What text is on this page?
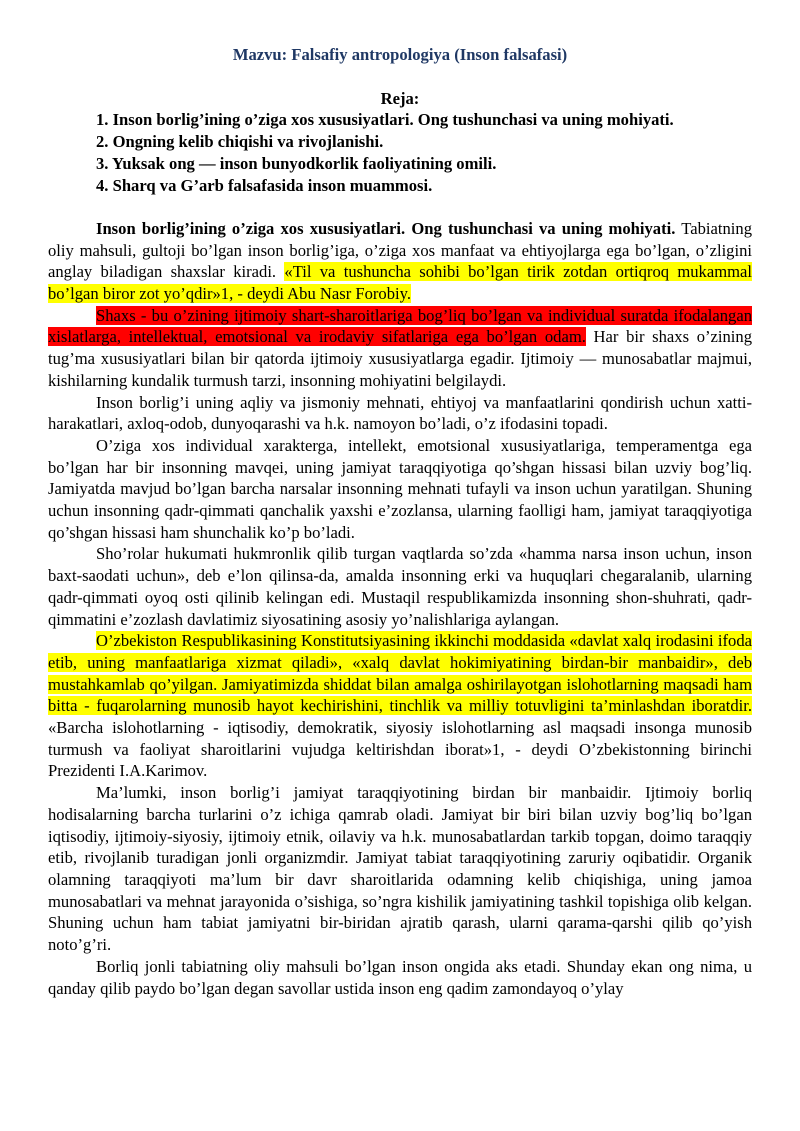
Mazvu: Falsafiy antropologiya (Inson falsafasi)
Reja:
1. Inson borlig’ining o’ziga xos xususiyatlari. Ong tushunchasi va uning mohiyati.
2. Ongning kelib chiqishi va rivojlanishi.
3. Yuksak ong — inson bunyodkorlik faoliyatining omili.
4. Sharq va G’arb falsafasida inson muammosi.

Inson borlig’ining o’ziga xos xususiyatlari. Ong tushunchasi va uning mohiyati. Tabiatning oliy mahsuli, gultoji bo’lgan inson borlig’iga, o’ziga xos manfaat va ehtiyojlarga ega bo’lgan, o’zligini anglay biladigan shaxslar kiradi. «Til va tushuncha sohibi bo’lgan tirik zotdan ortiqroq mukammal bo’lgan biror zot yo’qdir»1, - deydi Abu Nasr Forobiy.

Shaxs - bu o’zining ijtimoiy shart-sharoitlariga bog’liq bo’lgan va individual suratda ifodalangan xislatlarga, intellektual, emotsional va irodaviy sifatlariga ega bo’lgan odam. Har bir shaxs o’zining tug’ma xususiyatlari bilan bir qatorda ijtimoiy xususiyatlarga egadir. Ijtimoiy — munosabatlar majmui, kishilarning kundalik turmush tarzi, insonning mohiyatini belgilaydi.

Inson borlig’i uning aqliy va jismoniy mehnati, ehtiyoj va manfaatlarini qondirish uchun xatti-harakatlari, axloq-odob, dunyoqarashi va h.k. namoyon bo’ladi, o’z ifodasini topadi.

O’ziga xos individual xarakterga, intellekt, emotsional xususiyatlariga, temperamentga ega bo’lgan har bir insonning mavqei, uning jamiyat taraqqiyotiga qo’shgan hissasi bilan uzviy bog’liq. Jamiyatda mavjud bo’lgan barcha narsalar insonning mehnati tufayli va inson uchun yaratilgan. Shuning uchun insonning qadr-qimmati qanchalik yaxshi e’zozlansa, ularning faolligi ham, jamiyat taraqqiyotiga qo’shgan hissasi ham shunchalik ko’p bo’ladi.

Sho’rolar hukumati hukmronlik qilib turgan vaqtlarda so’zda «hamma narsa inson uchun, inson baxt-saodati uchun», deb e’lon qilinsa-da, amalda insonning erki va huquqlari chegaralanib, ularning qadr-qimmati oyoq osti qilinib kelingan edi. Mustaqil respublikamizda insonning shon-shuhrati, qadr-qimmatini e’zozlash davlatimiz siyosatining asosiy yo’nalishlariga aylangan.

O’zbekiston Respublikasining Konstitutsiyasining ikkinchi moddasida «davlat xalq irodasini ifoda etib, uning manfaatlariga xizmat qiladi», «xalq davlat hokimiyatining birdan-bir manbaidir», deb mustahkamlab qo’yilgan. Jamiyatimizda shiddat bilan amalga oshirilayotgan islohotlarning maqsadi ham bitta - fuqarolarning munosib hayot kechirishini, tinchlik va milliy totuvligini ta’minlashdan iboratdir. «Barcha islohotlarning - iqtisodiy, demokratik, siyosiy islohotlarning asl maqsadi insonga munosib turmush va faoliyat sharoitlarini vujudga keltirishdan iborat»1, - deydi O’zbekistonning birinchi Prezidenti I.A.Karimov.

Ma’lumki, inson borlig’i jamiyat taraqqiyotining birdan bir manbaidir. Ijtimoiy borliq hodisalarning barcha turlarini o’z ichiga qamrab oladi. Jamiyat bir biri bilan uzviy bog’liq bo’lgan iqtisodiy, ijtimoiy-siyosiy, ijtimoiy etnik, oilaviy va h.k. munosabatlardan tarkib topgan, doimo taraqqiy etib, rivojlanib turadigan jonli organizmdir. Jamiyat tabiat taraqqiyotining zaruriy oqibatidir. Organik olamning taraqqiyoti ma’lum bir davr sharoitlarida odamning kelib chiqishiga, uning jamoa munosabatlari va mehnat jarayonida o’sishiga, so’ngra kishilik jamiyatining tashkil topishiga olib kelgan. Shuning uchun ham tabiat jamiyatni bir-biridan ajratib qarash, ularni qarama-qarshi qilib qo’yish noto’g’ri.

Borliq jonli tabiatning oliy mahsuli bo’lgan inson ongida aks etadi. Shunday ekan ong nima, u qanday qilib paydo bo’lgan degan savollar ustida inson eng qadim zamondayoq o’ylay
